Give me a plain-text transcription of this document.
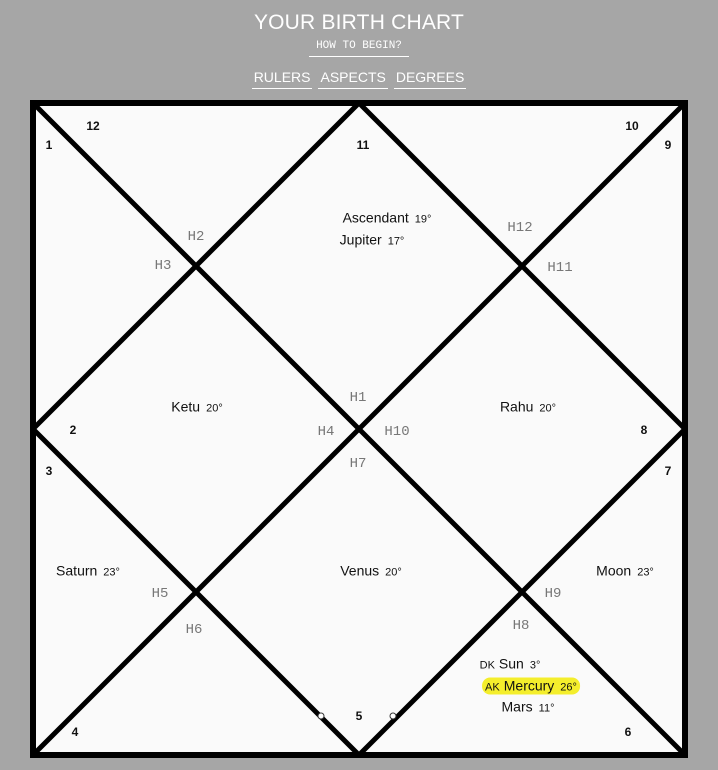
YOUR BIRTH CHART
HOW TO BEGIN?
RULERS ASPECTS DEGREES
1
12
11
10
9
2	8
3	7
4
5
6
H1
H2
H3
H4
H5
H6
H7
H8
H9
H10
H11
H12
Ascendant 19°
Jupiter 17°
Ketu 20°	Rahu 20°
Saturn 23°	Venus 20°	Moon 23°
DK Sun 3°
AK Mercury 26°
Mars 11°
